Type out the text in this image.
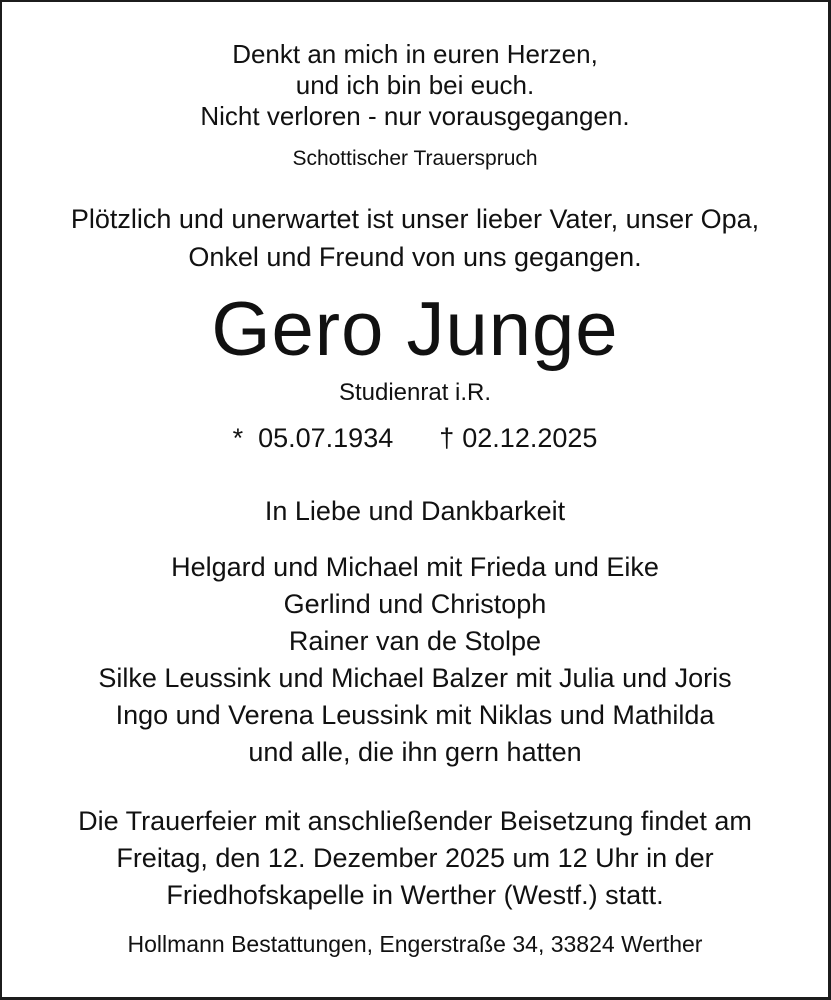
Denkt an mich in euren Herzen,
und ich bin bei euch.
Nicht verloren - nur vorausgegangen.
Schottischer Trauerspruch
Plötzlich und unerwartet ist unser lieber Vater, unser Opa,
Onkel und Freund von uns gegangen.
Gero Junge
Studienrat i.R.
* 05.07.1934 † 02.12.2025
In Liebe und Dankbarkeit
Helgard und Michael mit Frieda und Eike
Gerlind und Christoph
Rainer van de Stolpe
Silke Leussink und Michael Balzer mit Julia und Joris
Ingo und Verena Leussink mit Niklas und Mathilda
und alle, die ihn gern hatten
Die Trauerfeier mit anschließender Beisetzung findet am
Freitag, den 12. Dezember 2025 um 12 Uhr in der
Friedhofskapelle in Werther (Westf.) statt.
Hollmann Bestattungen, Engerstraße 34, 33824 Werther
